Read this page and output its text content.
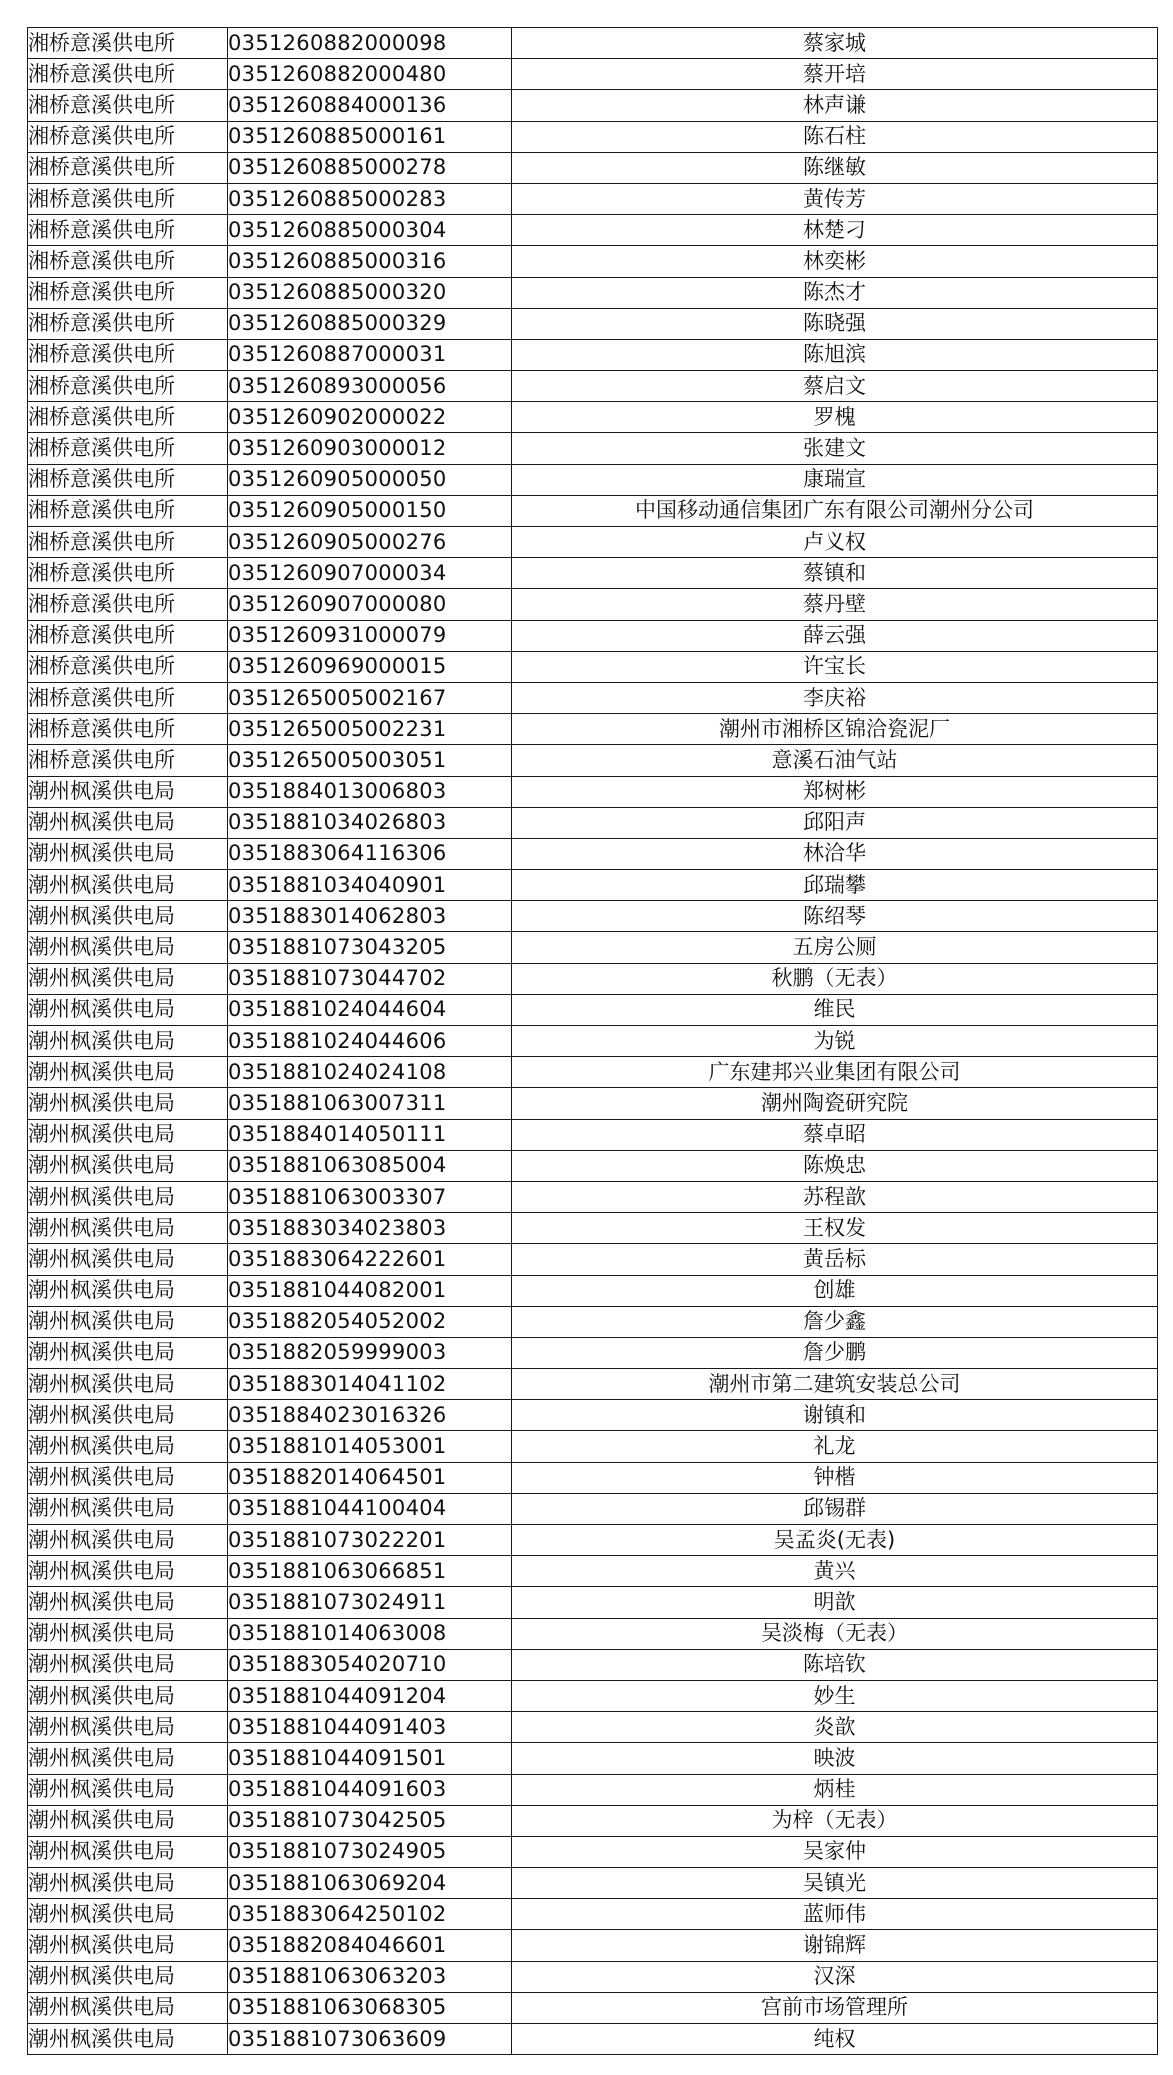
湘桥意溪供电所	0351260882000098	蔡家城
湘桥意溪供电所	0351260882000480	蔡开培
湘桥意溪供电所	0351260884000136	林声谦
湘桥意溪供电所	0351260885000161	陈石柱
湘桥意溪供电所	0351260885000278	陈继敏
湘桥意溪供电所	0351260885000283	黄传芳
湘桥意溪供电所	0351260885000304	林楚刁
湘桥意溪供电所	0351260885000316	林奕彬
湘桥意溪供电所	0351260885000320	陈杰才
湘桥意溪供电所	0351260885000329	陈晓强
湘桥意溪供电所	0351260887000031	陈旭滨
湘桥意溪供电所	0351260893000056	蔡启文
湘桥意溪供电所	0351260902000022	罗槐
湘桥意溪供电所	0351260903000012	张建文
湘桥意溪供电所	0351260905000050	康瑞宣
湘桥意溪供电所	0351260905000150	中国移动通信集团广东有限公司潮州分公司
湘桥意溪供电所	0351260905000276	卢义权
湘桥意溪供电所	0351260907000034	蔡镇和
湘桥意溪供电所	0351260907000080	蔡丹壁
湘桥意溪供电所	0351260931000079	薛云强
湘桥意溪供电所	0351260969000015	许宝长
湘桥意溪供电所	0351265005002167	李庆裕
湘桥意溪供电所	0351265005002231	潮州市湘桥区锦洽瓷泥厂
湘桥意溪供电所	0351265005003051	意溪石油气站
潮州枫溪供电局	0351884013006803	郑树彬
潮州枫溪供电局	0351881034026803	邱阳声
潮州枫溪供电局	0351883064116306	林洽华
潮州枫溪供电局	0351881034040901	邱瑞攀
潮州枫溪供电局	0351883014062803	陈绍琴
潮州枫溪供电局	0351881073043205	五房公厕
潮州枫溪供电局	0351881073044702	秋鹏（无表）
潮州枫溪供电局	0351881024044604	维民
潮州枫溪供电局	0351881024044606	为锐
潮州枫溪供电局	0351881024024108	广东建邦兴业集团有限公司
潮州枫溪供电局	0351881063007311	潮州陶瓷研究院
潮州枫溪供电局	0351884014050111	蔡卓昭
潮州枫溪供电局	0351881063085004	陈焕忠
潮州枫溪供电局	0351881063003307	苏程歆
潮州枫溪供电局	0351883034023803	王权发
潮州枫溪供电局	0351883064222601	黄岳标
潮州枫溪供电局	0351881044082001	创雄
潮州枫溪供电局	0351882054052002	詹少鑫
潮州枫溪供电局	0351882059999003	詹少鹏
潮州枫溪供电局	0351883014041102	潮州市第二建筑安装总公司
潮州枫溪供电局	0351884023016326	谢镇和
潮州枫溪供电局	0351881014053001	礼龙
潮州枫溪供电局	0351882014064501	钟楷
潮州枫溪供电局	0351881044100404	邱锡群
潮州枫溪供电局	0351881073022201	吴孟炎(无表)
潮州枫溪供电局	0351881063066851	黄兴
潮州枫溪供电局	0351881073024911	明歆
潮州枫溪供电局	0351881014063008	吴淡梅（无表）
潮州枫溪供电局	0351883054020710	陈培钦
潮州枫溪供电局	0351881044091204	妙生
潮州枫溪供电局	0351881044091403	炎歆
潮州枫溪供电局	0351881044091501	映波
潮州枫溪供电局	0351881044091603	炳桂
潮州枫溪供电局	0351881073042505	为梓（无表）
潮州枫溪供电局	0351881073024905	吴家仲
潮州枫溪供电局	0351881063069204	吴镇光
潮州枫溪供电局	0351883064250102	蓝师伟
潮州枫溪供电局	0351882084046601	谢锦辉
潮州枫溪供电局	0351881063063203	汉深
潮州枫溪供电局	0351881063068305	宫前市场管理所
潮州枫溪供电局	0351881073063609	纯权
